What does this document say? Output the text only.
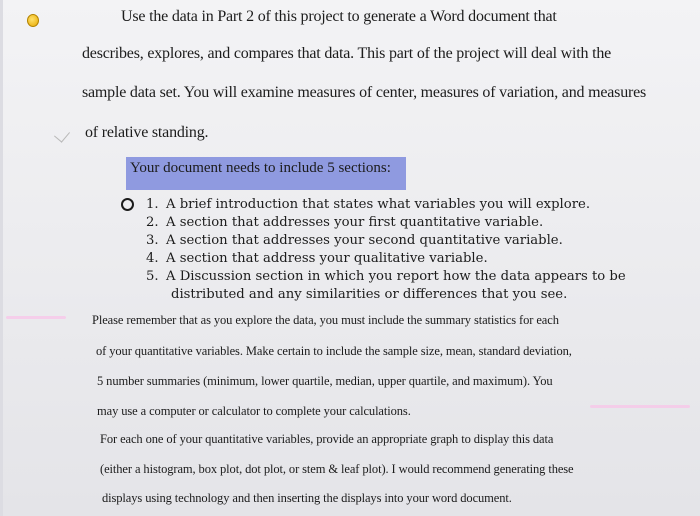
Use the data in Part 2 of this project to generate a Word document that
describes, explores, and compares that data. This part of the project will deal with the
sample data set. You will examine measures of center, measures of variation, and measures
of relative standing.
Your document needs to include 5 sections:
1. A brief introduction that states what variables you will explore.
2. A section that addresses your first quantitative variable.
3. A section that addresses your second quantitative variable.
4. A section that address your qualitative variable.
5. A Discussion section in which you report how the data appears to be
distributed and any similarities or differences that you see.
Please remember that as you explore the data, you must include the summary statistics for each
of your quantitative variables. Make certain to include the sample size, mean, standard deviation,
5 number summaries (minimum, lower quartile, median, upper quartile, and maximum). You
may use a computer or calculator to complete your calculations.
For each one of your quantitative variables, provide an appropriate graph to display this data
(either a histogram, box plot, dot plot, or stem & leaf plot). I would recommend generating these
displays using technology and then inserting the displays into your word document.
